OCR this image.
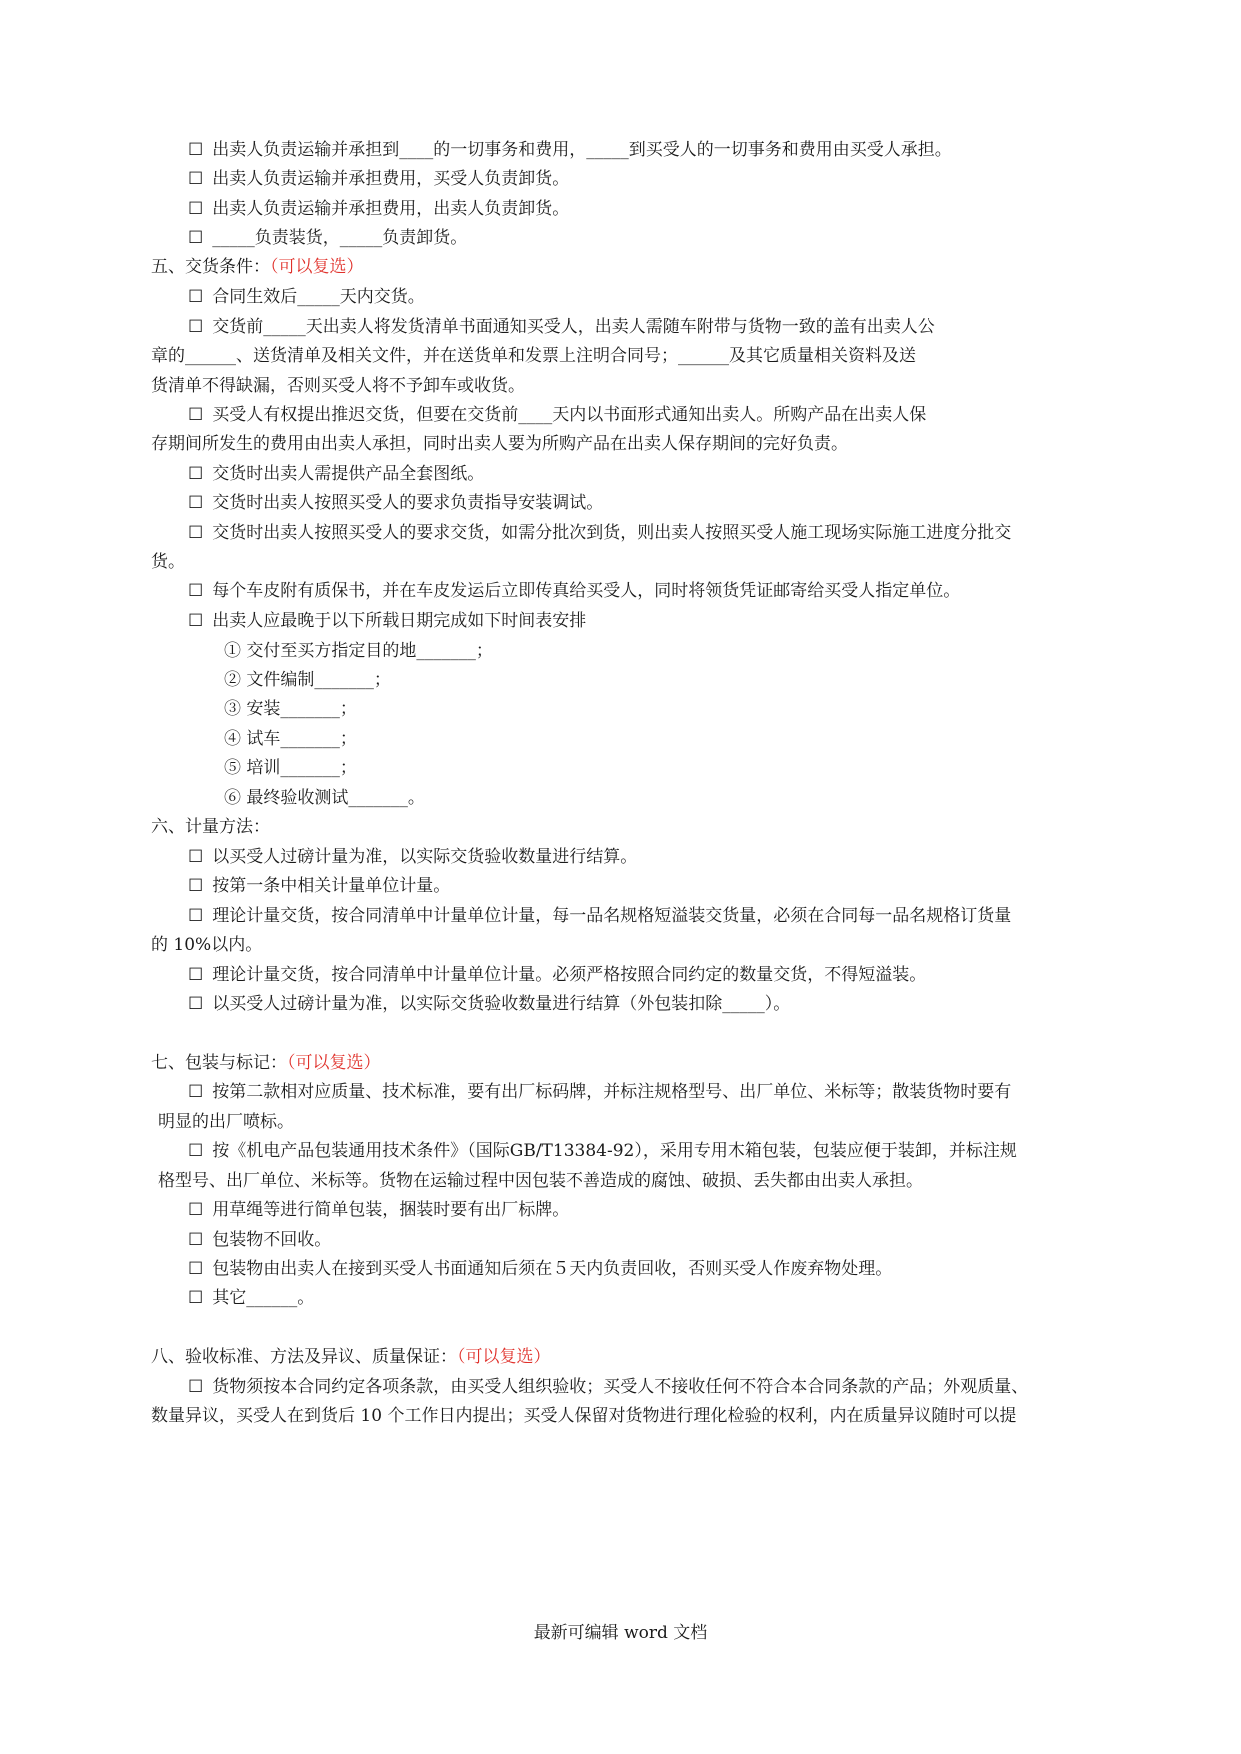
☐ 出卖人负责运输并承担到____的一切事务和费用，_____到买受人的一切事务和费用由买受人承担。
☐ 出卖人负责运输并承担费用，买受人负责卸货。
☐ 出卖人负责运输并承担费用，出卖人负责卸货。
☐ _____负责装货，_____负责卸货。
五、交货条件：（可以复选）
☐ 合同生效后_____天内交货。
☐ 交货前_____天出卖人将发货清单书面通知买受人，出卖人需随车附带与货物一致的盖有出卖人公
章的______、送货清单及相关文件，并在送货单和发票上注明合同号；______及其它质量相关资料及送
货清单不得缺漏，否则买受人将不予卸车或收货。
☐ 买受人有权提出推迟交货，但要在交货前____天内以书面形式通知出卖人。所购产品在出卖人保
存期间所发生的费用由出卖人承担，同时出卖人要为所购产品在出卖人保存期间的完好负责。
☐ 交货时出卖人需提供产品全套图纸。
☐ 交货时出卖人按照买受人的要求负责指导安装调试。
☐ 交货时出卖人按照买受人的要求交货，如需分批次到货，则出卖人按照买受人施工现场实际施工进度分批交
货。
☐ 每个车皮附有质保书，并在车皮发运后立即传真给买受人，同时将领货凭证邮寄给买受人指定单位。
☐ 出卖人应最晚于以下所载日期完成如下时间表安排
① 交付至买方指定目的地_______；
② 文件编制_______；
③ 安装_______；
④ 试车_______；
⑤ 培训_______；
⑥ 最终验收测试_______。
六、计量方法：
☐ 以买受人过磅计量为准，以实际交货验收数量进行结算。
☐ 按第一条中相关计量单位计量。
☐ 理论计量交货，按合同清单中计量单位计量，每一品名规格短溢装交货量，必须在合同每一品名规格订货量
的 10%以内。
☐ 理论计量交货，按合同清单中计量单位计量。必须严格按照合同约定的数量交货，不得短溢装。
☐ 以买受人过磅计量为准，以实际交货验收数量进行结算（外包装扣除_____）。
七、包装与标记：（可以复选）
☐ 按第二款相对应质量、技术标准，要有出厂标码牌，并标注规格型号、出厂单位、米标等；散装货物时要有
明显的出厂喷标。
☐ 按《机电产品包装通用技术条件》（国际GB/T13384-92），采用专用木箱包装，包装应便于装卸，并标注规
格型号、出厂单位、米标等。货物在运输过程中因包装不善造成的腐蚀、破损、丢失都由出卖人承担。
☐ 用草绳等进行简单包装，捆装时要有出厂标牌。
☐ 包装物不回收。
☐ 包装物由出卖人在接到买受人书面通知后须在５天内负责回收，否则买受人作废弃物处理。
☐ 其它______。
八、验收标准、方法及异议、质量保证：（可以复选）
☐ 货物须按本合同约定各项条款，由买受人组织验收；买受人不接收任何不符合本合同条款的产品；外观质量、
数量异议，买受人在到货后 10 个工作日内提出；买受人保留对货物进行理化检验的权利，内在质量异议随时可以提
最新可编辑 word 文档
